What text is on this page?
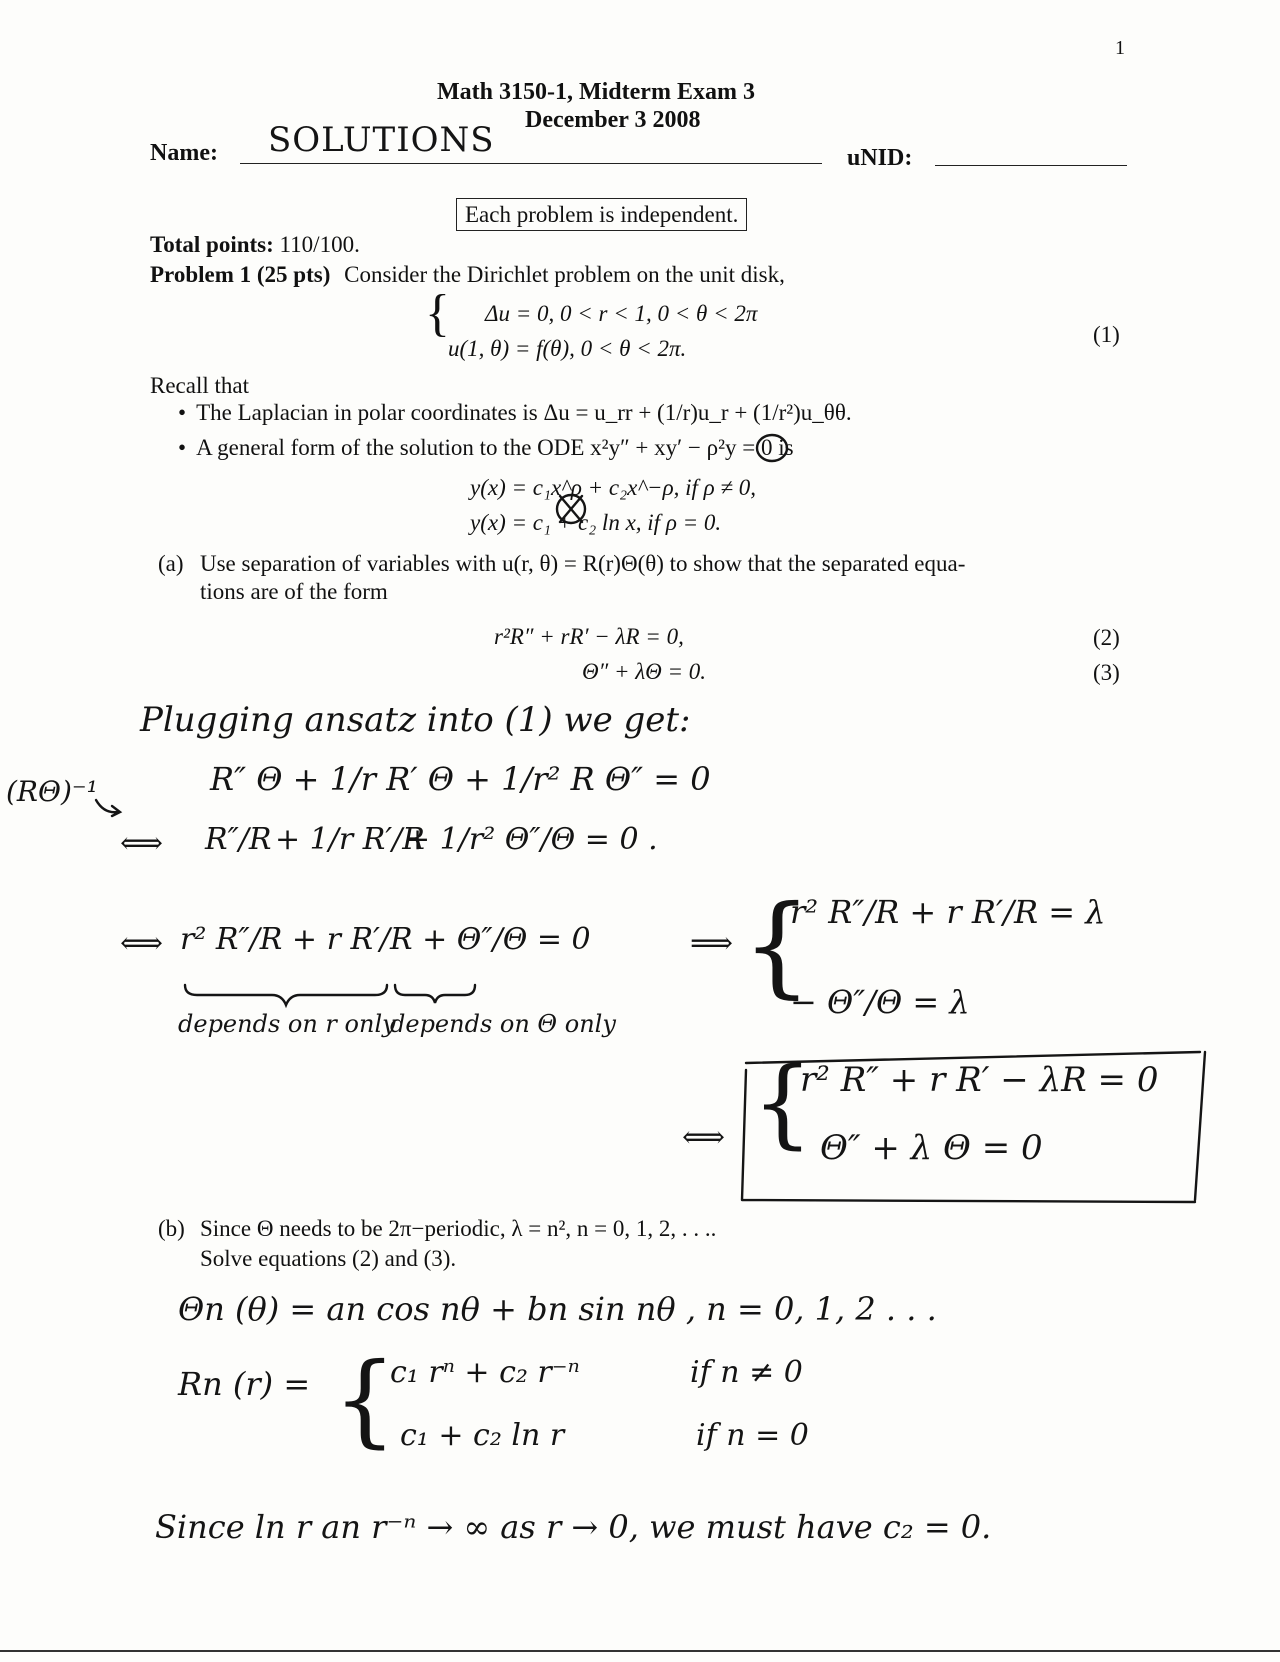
1
Math 3150-1, Midterm Exam 3
December 3 2008
Name: SOLUTIONS	uNID:
Each problem is independent.
Total points: 110/100.
Problem 1 (25 pts) Consider the Dirichlet problem on the unit disk,
{ Δu = 0, 0 < r < 1, 0 < θ < 2π
u(1, θ) = f(θ), 0 < θ < 2π.
(1)
Recall that
• The Laplacian in polar coordinates is Δu = u_rr + (1/r)u_r + (1/r²)u_θθ.
• A general form of the solution to the ODE x²y″ + xy′ − ρ²y = 0 is
y(x) = c₁x^ρ + c₂x^−ρ, if ρ ≠ 0,
y(x) = c₁ + c₂ ln x, if ρ = 0.
(a) Use separation of variables with u(r, θ) = R(r)Θ(θ) to show that the separated equa-
tions are of the form
r²R″ + rR′ − λR = 0,	(2)
Θ″ + λΘ = 0.	(3)
Plugging ansatz into (1) we get:
(RΘ)⁻¹	R″ Θ + 1/r R′ Θ + 1/r² R Θ″ = 0
⟺ R″/R + 1/r R′/R
+ 1/r² Θ″/Θ = 0 .
⟺ r² R″/R + r R′/R + Θ″/Θ = 0
depends on r only
depends on Θ only
⟹ {
r² R″/R + r R′/R = λ
− Θ″/Θ = λ
⟺ {
r² R″ + r R′ − λR = 0
Θ″ + λ Θ = 0
(b) Since Θ needs to be 2π−periodic, λ = n², n = 0, 1, 2, . . ..
Solve equations (2) and (3).
Θn (θ) = an cos nθ + bn sin nθ , n = 0, 1, 2 . . .
Rn (r) = {
c₁ rⁿ + c₂ r⁻ⁿ	if n ≠ 0
c₁ + c₂ ln r	if n = 0
Since ln r an r⁻ⁿ → ∞ as r → 0, we must have c₂ = 0.
